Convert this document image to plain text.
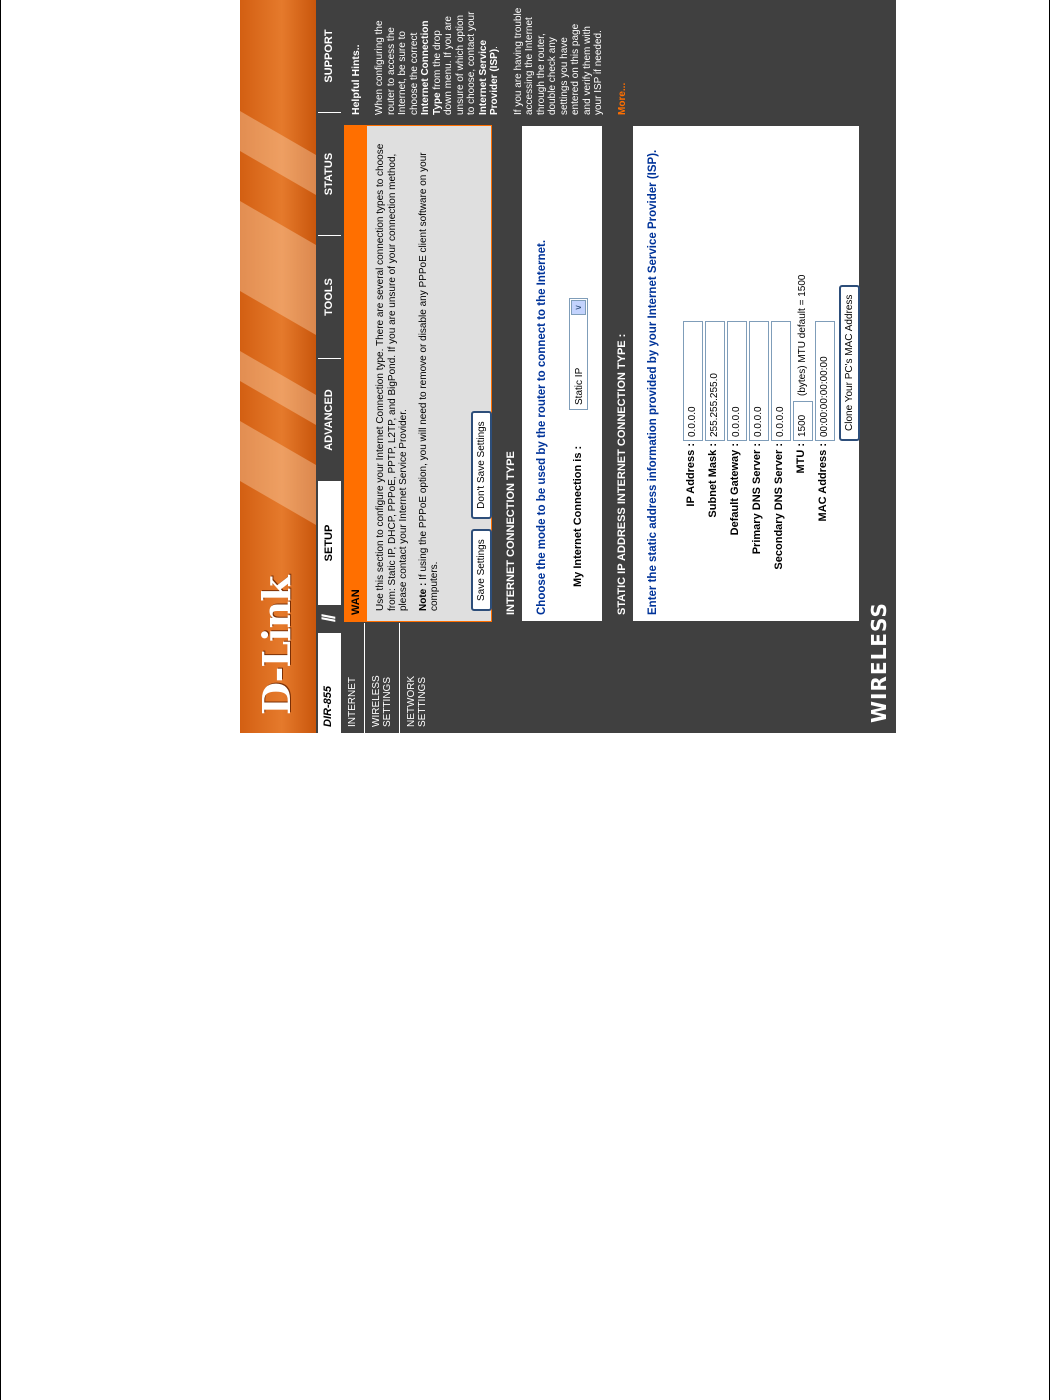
D-Link DIR-855
//
SETUP
ADVANCED
TOOLS
STATUS
SUPPORT
INTERNET	WIRELESS SETTINGS	NETWORK SETTINGS
WAN	Use this section to configure your Internet Connection type. There are several connection types to choose from: Static IP, DHCP, PPPoE, PPTP, L2TP, and BigPond. If you are unsure of your connection method, please contact your Internet Service Provider. Note : If using the PPPoE option, you will need to remove or disable any PPPoE client software on your computers.	Save Settings Don't Save Settings	INTERNET CONNECTION TYPE	Choose the mode to be used by the router to connect to the Internet. My Internet Connection is :
Static IP
∨
STATIC IP ADDRESS INTERNET CONNECTION TYPE :	Enter the static address information provided by your Internet Service Provider (ISP). IP Address :
0.0.0.0
Subnet Mask :
255.255.255.0
Default Gateway :
0.0.0.0
Primary DNS Server :
0.0.0.0
Secondary DNS Server :
0.0.0.0
MTU :
1500
(bytes) MTU default = 1500
MAC Address :
00:00:00:00:00:00	Clone Your PC's MAC Address
Helpful Hints.. When configuring the router to access the Internet, be sure to choose the correct Internet Connection Type from the drop down menu. If you are unsure of which option to choose, contact your Internet Service Provider (ISP). If you are having trouble accessing the Internet through the router, double check any settings you have entered on this page and verify them with your ISP if needed. More...
WIRELESS
